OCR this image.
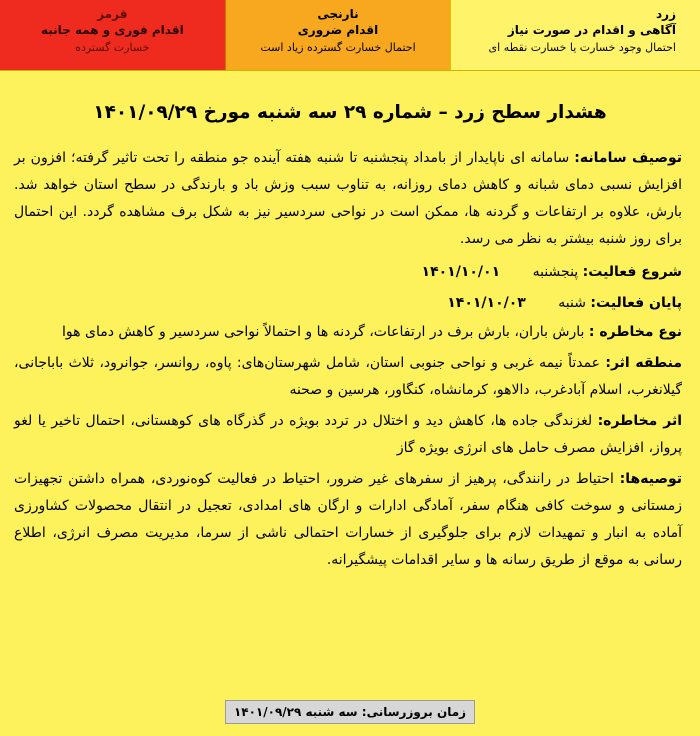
زرد
آگاهی و اقدام در صورت نیاز
احتمال وجود خسارت یا خسارت نقطه ای
نارنجی
اقدام ضروری
احتمال خسارت گسترده زیاد است
قرمز
اقدام فوری و همه جانبه
خسارت گسترده
هشدار سطح زرد – شماره ۲۹ سه شنبه مورخ ۱۴۰۱/۰۹/۲۹

توصیف سامانه: سامانه ای ناپایدار از بامداد پنجشنبه تا شنبه هفته آینده جو منطقه را تحت تاثیر گرفته؛ افزون بر افزایش نسبی دمای شبانه و کاهش دمای روزانه، به تناوب سبب وزش باد و بارندگی در سطح استان خواهد شد. بارش، علاوه بر ارتفاعات و گردنه ها، ممکن است در نواحی سردسیر نیز به شکل برف مشاهده گردد. این احتمال برای روز شنبه بیشتر به نظر می رسد.

شروع فعالیت: پنجشنبه ۱۴۰۱/۱۰/۰۱

پایان فعالیت: شنبه ۱۴۰۱/۱۰/۰۳

نوع مخاطره : بارش باران، بارش برف در ارتفاعات، گردنه ها و احتمالاً نواحی سردسیر و کاهش دمای هوا

منطقه اثر: عمدتاً نیمه غربی و نواحی جنوبی استان، شامل شهرستان‌های: پاوه، روانسر، جوانرود، ثلاث باباجانی، گیلانغرب، اسلام آبادغرب، دالاهو، کرمانشاه، کنگاور، هرسین و صحنه

اثر مخاطره: لغزندگی جاده ها، کاهش دید و اختلال در تردد بویژه در گذرگاه های کوهستانی، احتمال تاخیر یا لغو پرواز، افزایش مصرف حامل های انرژی بویژه گاز

توصیه‌ها: احتیاط در رانندگی، پرهیز از سفرهای غیر ضرور، احتیاط در فعالیت کوه‌نوردی، همراه داشتن تجهیزات زمستانی و سوخت کافی هنگام سفر، آمادگی ادارات و ارگان های امدادی، تعجیل در انتقال محصولات کشاورزی آماده به انبار و تمهیدات لازم برای جلوگیری از خسارات احتمالی ناشی از سرما، مدیریت مصرف انرژی، اطلاع رسانی به موقع از طریق رسانه ها و سایر اقدامات پیشگیرانه.

زمان بروزرسانی: سه شنبه ۱۴۰۱/۰۹/۲۹
